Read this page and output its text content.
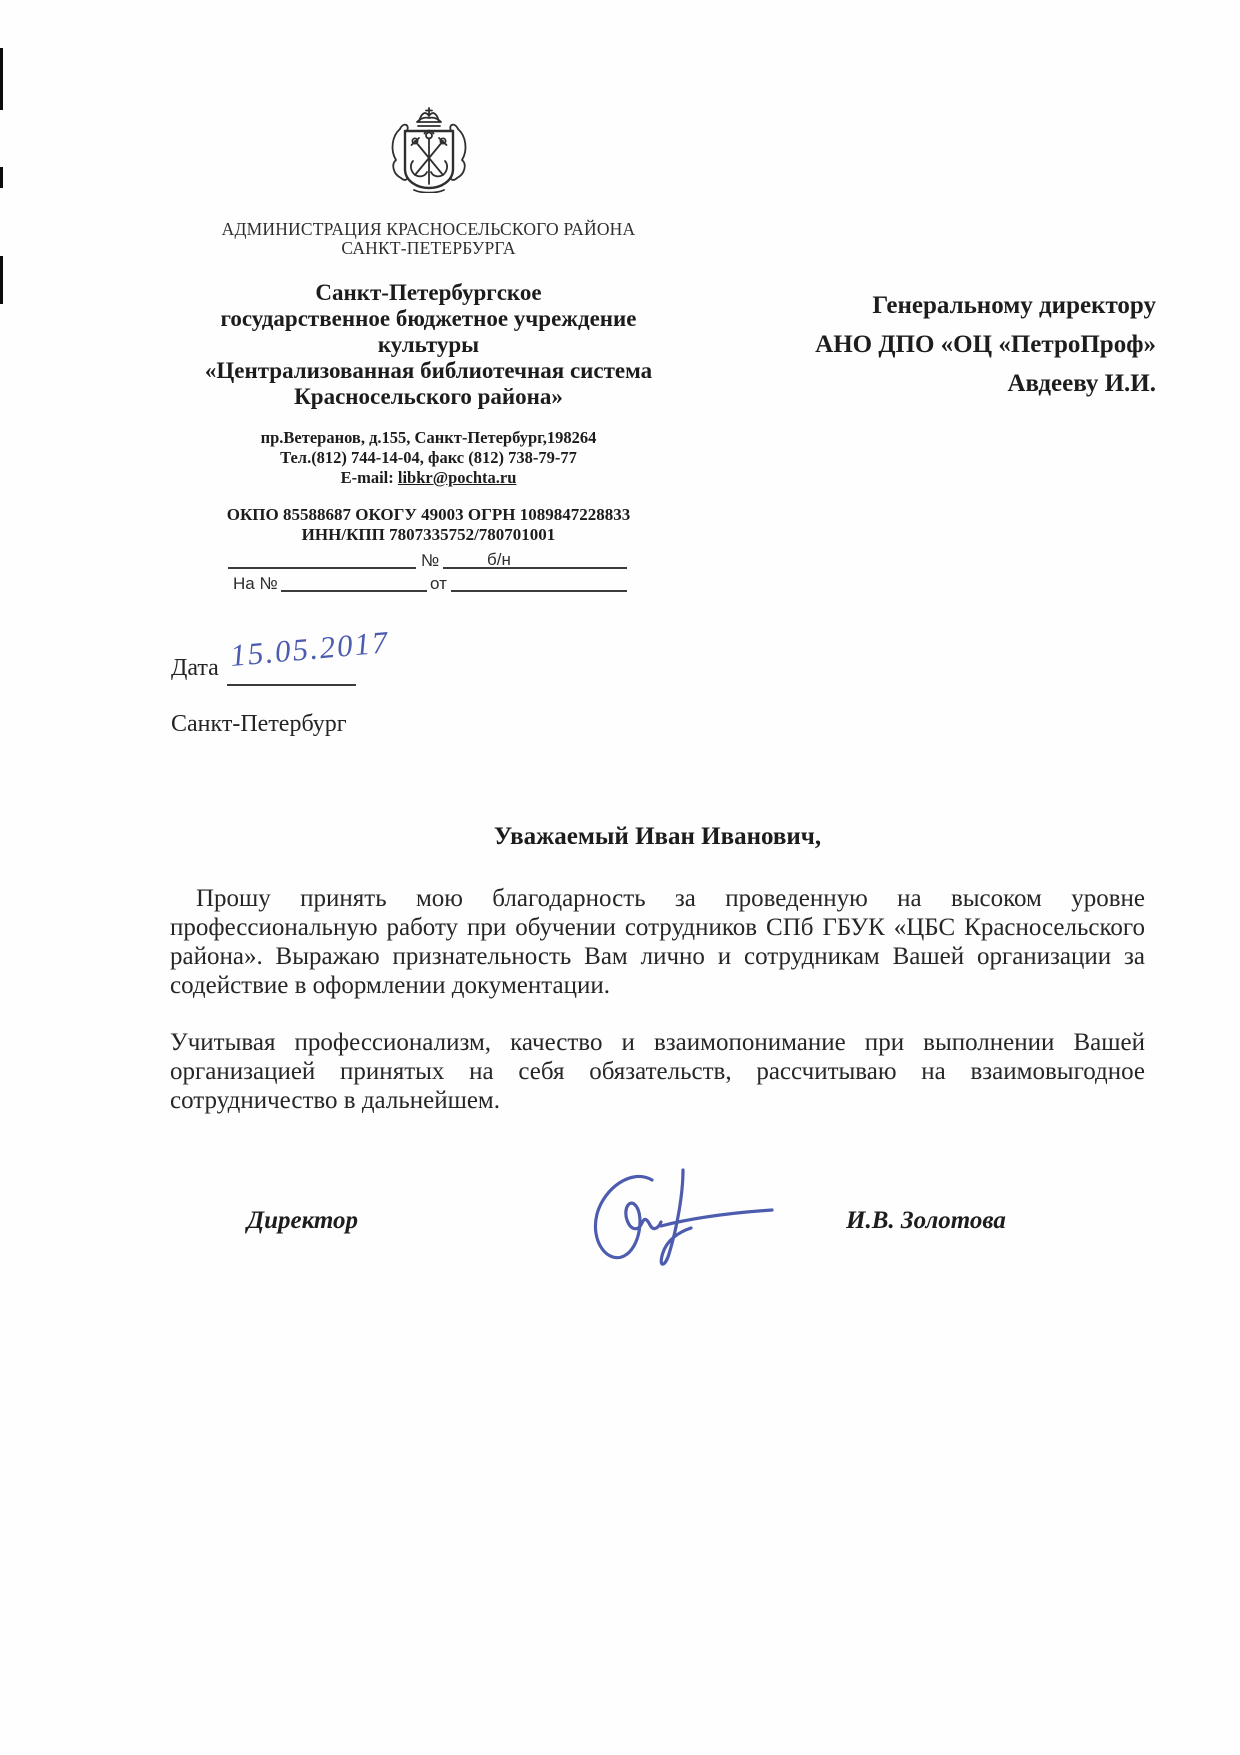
АДМИНИСТРАЦИЯ КРАСНОСЕЛЬСКОГО РАЙОНА
САНКТ-ПЕТЕРБУРГА
Санкт-Петербургское
государственное бюджетное учреждение
культуры
«Централизованная библиотечная система
Красносельского района»
пр.Ветеранов, д.155, Санкт-Петербург,198264
Тел.(812) 744-14-04, факс (812) 738-79-77
E-mail: libkr@pochta.ru
ОКПО 85588687 ОКОГУ 49003 ОГРН 1089847228833
ИНН/КПП 7807335752/780701001
Генеральному директору
АНО ДПО «ОЦ «ПетроПроф»
Авдееву И.И.
№	б/н
На №	от
Дата 15.05.2017
Санкт-Петербург
Уважаемый Иван Иванович,

Прошу принять мою благодарность за проведенную на высоком уровне профессиональную работу при обучении сотрудников СПб ГБУК «ЦБС Красносельского района». Выражаю признательность Вам лично и сотрудникам Вашей организации за содействие в оформлении документации.

Учитывая профессионализм, качество и взаимопонимание при выполнении Вашей организацией принятых на себя обязательств, рассчитываю на взаимовыгодное сотрудничество в дальнейшем.

Директор	И.В. Золотова
